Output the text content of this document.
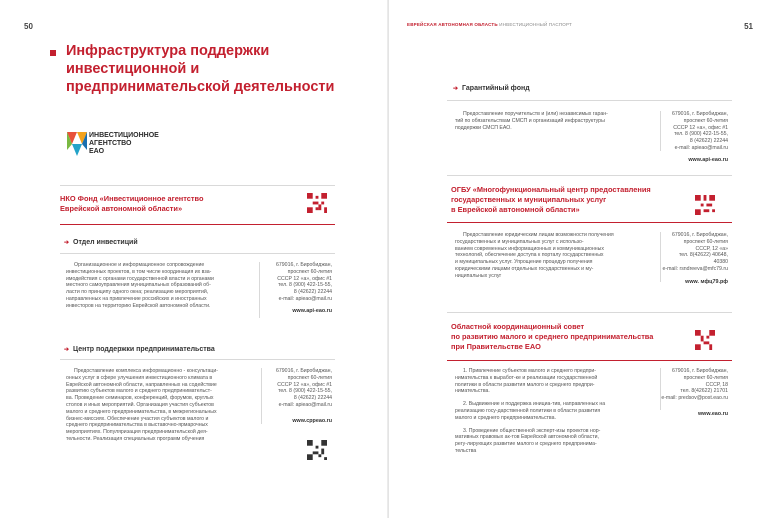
50
Инфраструктура поддержки
инвестиционной и
предпринимательской деятельности
ИНВЕСТИЦИОННОЕ
АГЕНТСТВО
ЕАО
НКО Фонд «Инвестиционное агентство
Еврейской автономной области»
➔ Отдел инвестиций
Организационное и информационное сопровождение
инвестиционных проектов, в том числе координация их вза-
имодействия с органами государственной власти и органами
местного самоуправления муниципальных образований об-
ласти по принципу одного окна; реализацию мероприятий,
направленных на привлечение российских и иностранных
инвесторов на территорию Еврейской автономной области.
679016, г. Биробиджан,
проспект 60-летия
СССР 12 «а», офис #1
тел. 8 (900) 422-15-55,
8 (42622) 22244
e-mail: apieao@mail.ru
www.api-eao.ru
➔ Центр поддержки предпринимательства
Предоставление комплекса информационно - консультаци-
онных услуг в сфере улучшения инвестиционного климата в
Еврейской автономной области, направленных на содействие
развитию субъектов малого и среднего предпринимательст-
ва. Проведение семинаров, конференций, форумов, круглых
столов и иных мероприятий. Организация участия субъектов
малого и среднего предпринимательства, в межрегиональных
бизнес-миссиях. Обеспечение участия субъектов малого и
среднего предпринимательства в выставочно-ярмарочных
мероприятиях. Популяризация предпринимательской дея-
тельности. Реализация специальных программ обучения
679016, г. Биробиджан,
проспект 60-летия
СССР 12 «а», офис #1
тел. 8 (900) 422-15-55,
8 (42622) 22244
e-mail: apieao@mail.ru
www.cppeao.ru
ЕВРЕЙСКАЯ АВТОНОМНАЯ ОБЛАСТЬ ИНВЕСТИЦИОННЫЙ ПАСПОРТ	51
➔ Гарантийный фонд
Предоставление поручительств и (или) независимых гаран-
тий по обязательствам СМСП и организаций инфраструктуры
поддержки СМСП ЕАО.
679016, г. Биробиджан,
проспект 60-летия
СССР 12 «а», офис #1
тел. 8 (900) 422-15-55,
8 (42622) 22244
e-mail: apieao@mail.ru
www.api-eao.ru
ОГБУ «Многофункциональный центр предоставления
государственных и муниципальных услуг
в Еврейской автономной области»
Предоставление юридическим лицам возможности получения
государственных и муниципальных услуг с использо-
ванием современных информационных и коммуникационных
технологий, обеспечение доступа к порталу государственных
и муниципальных услуг. Упрощение процедур получения
юридическими лицами отдельных государственных и му-
ниципальных услуг
679016, г. Биробиджан,
проспект 60-летия
СССР, 12 «а»
тел. 8(42622) 40648,
40380
e-mail: rsndreeva@mfc79.ru
www. мфц79.рф
Областной координационный совет
по развитию малого и среднего предпринимательства
при Правительстве ЕАО
1. Привлечение субъектов малого и среднего предпри-
нимательства к выработ-ке и реализации государственной
политики в области развития малого и среднего предпри-
нимательства.
2. Выдвижение и поддержка инициа-тив, направленных на
реализацию госу-дарственной политики в области развития
малого и среднего предпринимательства.
3. Проведение общественной эксперт-изы проектов нор-
мативных правовых ак-тов Еврейской автономной области,
регу-лирующих развитие малого и среднего предпринима-
тельства
679016, г. Биробиджан,
проспект 60-летия
СССР, 18
тел. 8(42622) 21701
e-mail: predsov@post.eao.ru
www.eao.ru
